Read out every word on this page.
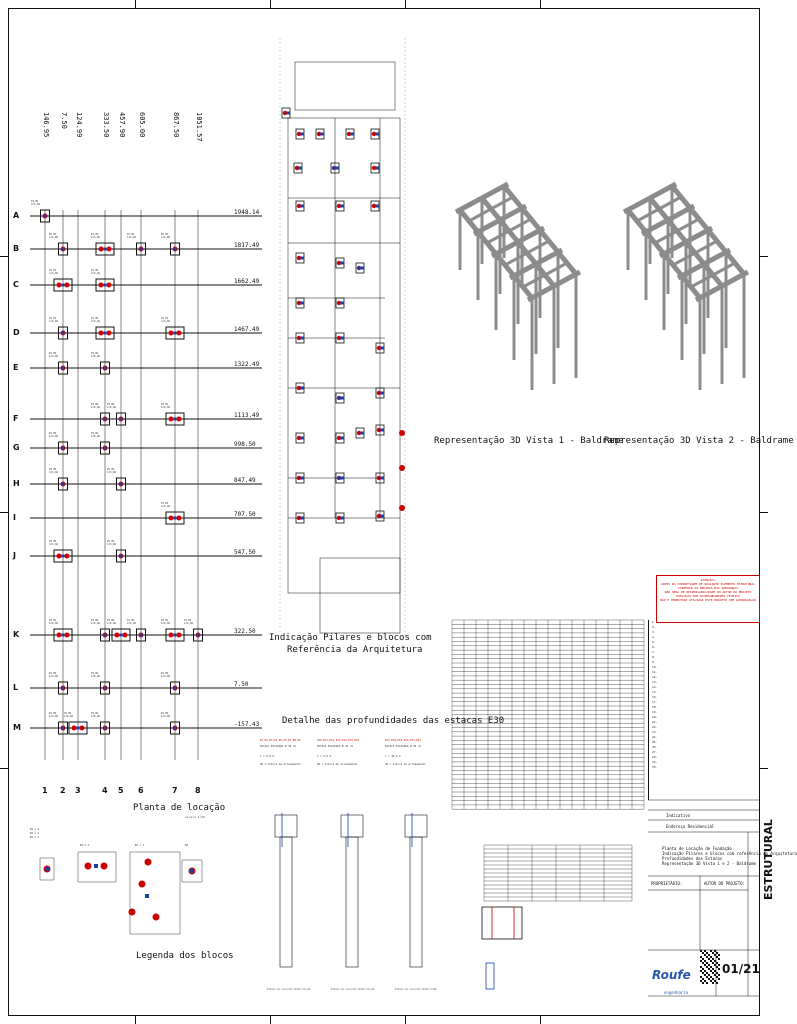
P1 B1
L=6,0m
P1 B1
L=6,0m
P1 B1
L=6,0m
P1 B1
L=6,0m
P1 B1
L=6,0m
P1 B1
L=6,0m
P1 B1
L=6,0m
P1 B1
L=6,0m
P1 B1
L=6,0m
P1 B1
L=6,0m
P1 B1
L=6,0m
P1 B1
L=6,0m
P1 B1
L=6,0m
P1 B1
L=6,0m
P1 B1
L=6,0m
P1 B1
L=6,0m
P1 B1
L=6,0m
P1 B1
L=6,0m
P1 B1
L=6,0m
P1 B1
L=6,0m
P1 B1
L=6,0m
P1 B1
L=6,0m
P1 B1
L=6,0m
P1 B1
L=6,0m
P1 B1
L=6,0m
P1 B1
L=6,0m
P1 B1
L=6,0m
P1 B1
L=6,0m
P1 B1
L=6,0m
P1 B1
L=6,0m
P1 B1
L=6,0m
P1 B1
L=6,0m
P1 B1
L=6,0m
P1 B1
L=6,0m
P1 B1
L=6,0m
Planta de locação
escala 1:50
B1 x 4
B1 x 4
B1 x 4
B2 x 2	B3 x 3	B4
Legenda dos blocos
Indicação Pilares e blocos com
Referência da Arquitetura
Representação 3D Vista 1 - Baldrame
Representação 3D Vista 2 - Baldrame
Detalhe das profundidades das estacas E30
P1,P2,P3,P4,P5,P6,P7,P8,P9	P10,P11,P12,P13,P14,P15,P16	P17,P18,P19,P20,P21,P22
ESTACA ESCAVADA Ø 30 cm
L = 6,0 m
Ha = altura de arrasamento
ESTACA ESCAVADA Ø 30 cm
L = 6,0 m
Ha = altura de arrasamento
ESTACA ESCAVADA Ø 30 cm
L = 10,0 m
Ha = altura de arrasamento
Estaca de concreto Ø=30 L=6,0m	Estaca de concreto Ø=30 L=6,0m	Estaca de concreto Ø=30 L=10m
ATENÇÃO!
ANTES DA CONCRETAGEM DE QUALQUER ELEMENTO ESTRUTURAL
CONFERIR AS MEDIDAS DAS ARMADURAS
NÃO SERÁ DE RESPONSABILIDADE DO AUTOR DO PROJETO
EXECUÇÃO SEM ACOMPANHAMENTO TÉCNICO
NÃO É PERMITIDO UTILIZAR ESTE PROJETO SEM AUTORIZAÇÃO
1.
2.
3.
4.
5.
6.
7.
8.
9.
10.
11.
12.
13.
14.
15.
16.
17.
18.
19.
20.
21.
22.
23.
24.
25.
26.
27.
28.
29.
30.
PROPRIETÁRIO:	AUTOR DO PROJETO:
Indicativo
Endereço Residencial
Planta de Locação de Fundação
Indicação Pilares e blocos com referência da Arquitetura
Profundidades das Estacas
Representação 3D Vista 1 e 2 - Baldrame
Roufe
engenharia
01/21
ESTRUTURAL
146.95 7.50 124.99	333.50 457.90 605.00	867.50 1051.57
A	1948.14
B	1817.49
C	1662.49
D	1467.49
E	1322.49
F	1113.49
G	998.50
H	847.49
I	707.50
J	547.50
K	322.50
L	7.50
M	-157.43
1 2 3	4 5 6	7 8
